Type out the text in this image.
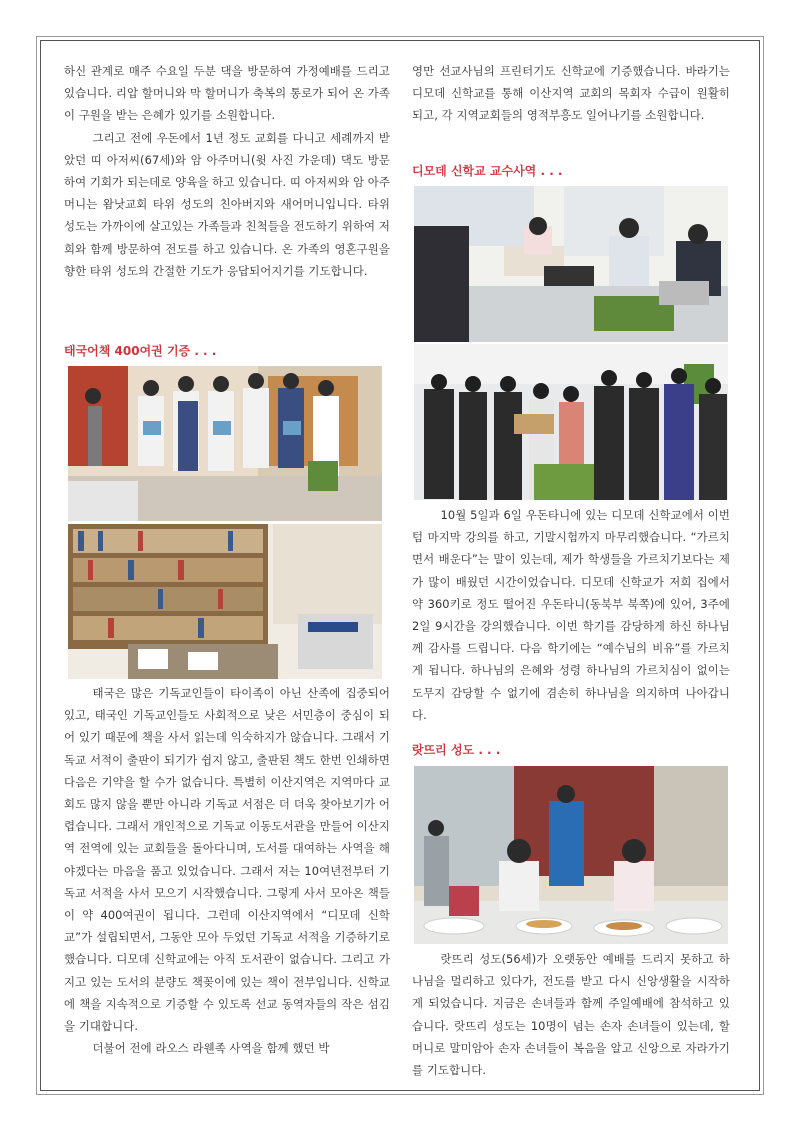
하신 관계로 매주 수요일 두분 댁을 방문하여 가정예배를 드리고 있습니다. 리압 할머니와 막 할머니가 축복의 통로가 되어 온 가족이 구원을 받는 은혜가 있기를 소원합니다.

그리고 전에 우돈에서 1년 정도 교회를 다니고 세례까지 받았던 띠 아저씨(67세)와 암 아주머니(윗 사진 가운데) 댁도 방문하여 기회가 되는데로 양육을 하고 있습니다. 띠 아저씨와 암 아주머니는 왐낫교회 타위 성도의 친아버지와 새어머니입니다. 타위 성도는 가까이에 살고있는 가족들과 친척들을 전도하기 위하여 저희와 함께 방문하여 전도를 하고 있습니다. 온 가족의 영혼구원을 향한 타위 성도의 간절한 기도가 응답되어지기를 기도합니다.

태국어책 400여권 기증 . . .

태국은 많은 기독교인들이 타이족이 아닌 산족에 집중되어 있고, 태국인 기독교인들도 사회적으로 낮은 서민층이 중심이 되어 있기 때문에 책을 사서 읽는데 익숙하지가 않습니다. 그래서 기독교 서적이 출판이 되기가 쉽지 않고, 출판된 책도 한번 인쇄하면 다음은 기약을 할 수가 없습니다. 특별히 이산지역은 지역마다 교회도 많지 않을 뿐만 아니라 기독교 서점은 더 더욱 찾아보기가 어렵습니다. 그래서 개인적으로 기독교 이동도서관을 만들어 이산지역 전역에 있는 교회들을 돌아다니며, 도서를 대여하는 사역을 해야겠다는 마음을 품고 있었습니다. 그래서 저는 10여년전부터 기독교 서적을 사서 모으기 시작했습니다. 그렇게 사서 모아온 책들이 약 400여권이 됩니다. 그런데 이산지역에서 “디모데 신학교”가 설립되면서, 그동안 모아 두었던 기독교 서적을 기증하기로 했습니다. 디모데 신학교에는 아직 도서관이 없습니다. 그리고 가지고 있는 도서의 분량도 책꽂이에 있는 책이 전부입니다. 신학교에 책을 지속적으로 기증할 수 있도록 선교 동역자들의 작은 섬김을 기대합니다.

더불어 전에 라오스 라웬족 사역을 함께 했던 박

영만 선교사님의 프린터기도 신학교에 기증했습니다. 바라기는 디모데 신학교를 통해 이산지역 교회의 목회자 수급이 원활히 되고, 각 지역교회들의 영적부흥도 일어나기를 소원합니다.

디모데 신학교 교수사역 . . .

10월 5일과 6일 우돈타니에 있는 디모데 신학교에서 이번 텀 마지막 강의를 하고, 기말시험까지 마무리했습니다. “가르치면서 배운다”는 말이 있는데, 제가 학생들을 가르치기보다는 제가 많이 배웠던 시간이었습니다. 디모데 신학교가 저희 집에서 약 360키로 정도 떨어진 우돈타니(동북부 북쪽)에 있어, 3주에 2일 9시간을 강의했습니다. 이번 학기를 감당하게 하신 하나님께 감사를 드립니다. 다음 학기에는 “예수님의 비유”를 가르치게 됩니다. 하나님의 은혜와 성령 하나님의 가르치심이 없이는 도무지 감당할 수 없기에 겸손히 하나님을 의지하며 나아갑니다.

랏뜨리 성도 . . .

랏뜨리 성도(56세)가 오랫동안 예배를 드리지 못하고 하나님을 멀리하고 있다가, 전도를 받고 다시 신앙생활을 시작하게 되었습니다. 지금은 손녀들과 함께 주일예배에 참석하고 있습니다. 랏뜨리 성도는 10명이 넘는 손자 손녀들이 있는데, 할머니로 말미암아 손자 손녀들이 복음을 알고 신앙으로 자라가기를 기도합니다.
